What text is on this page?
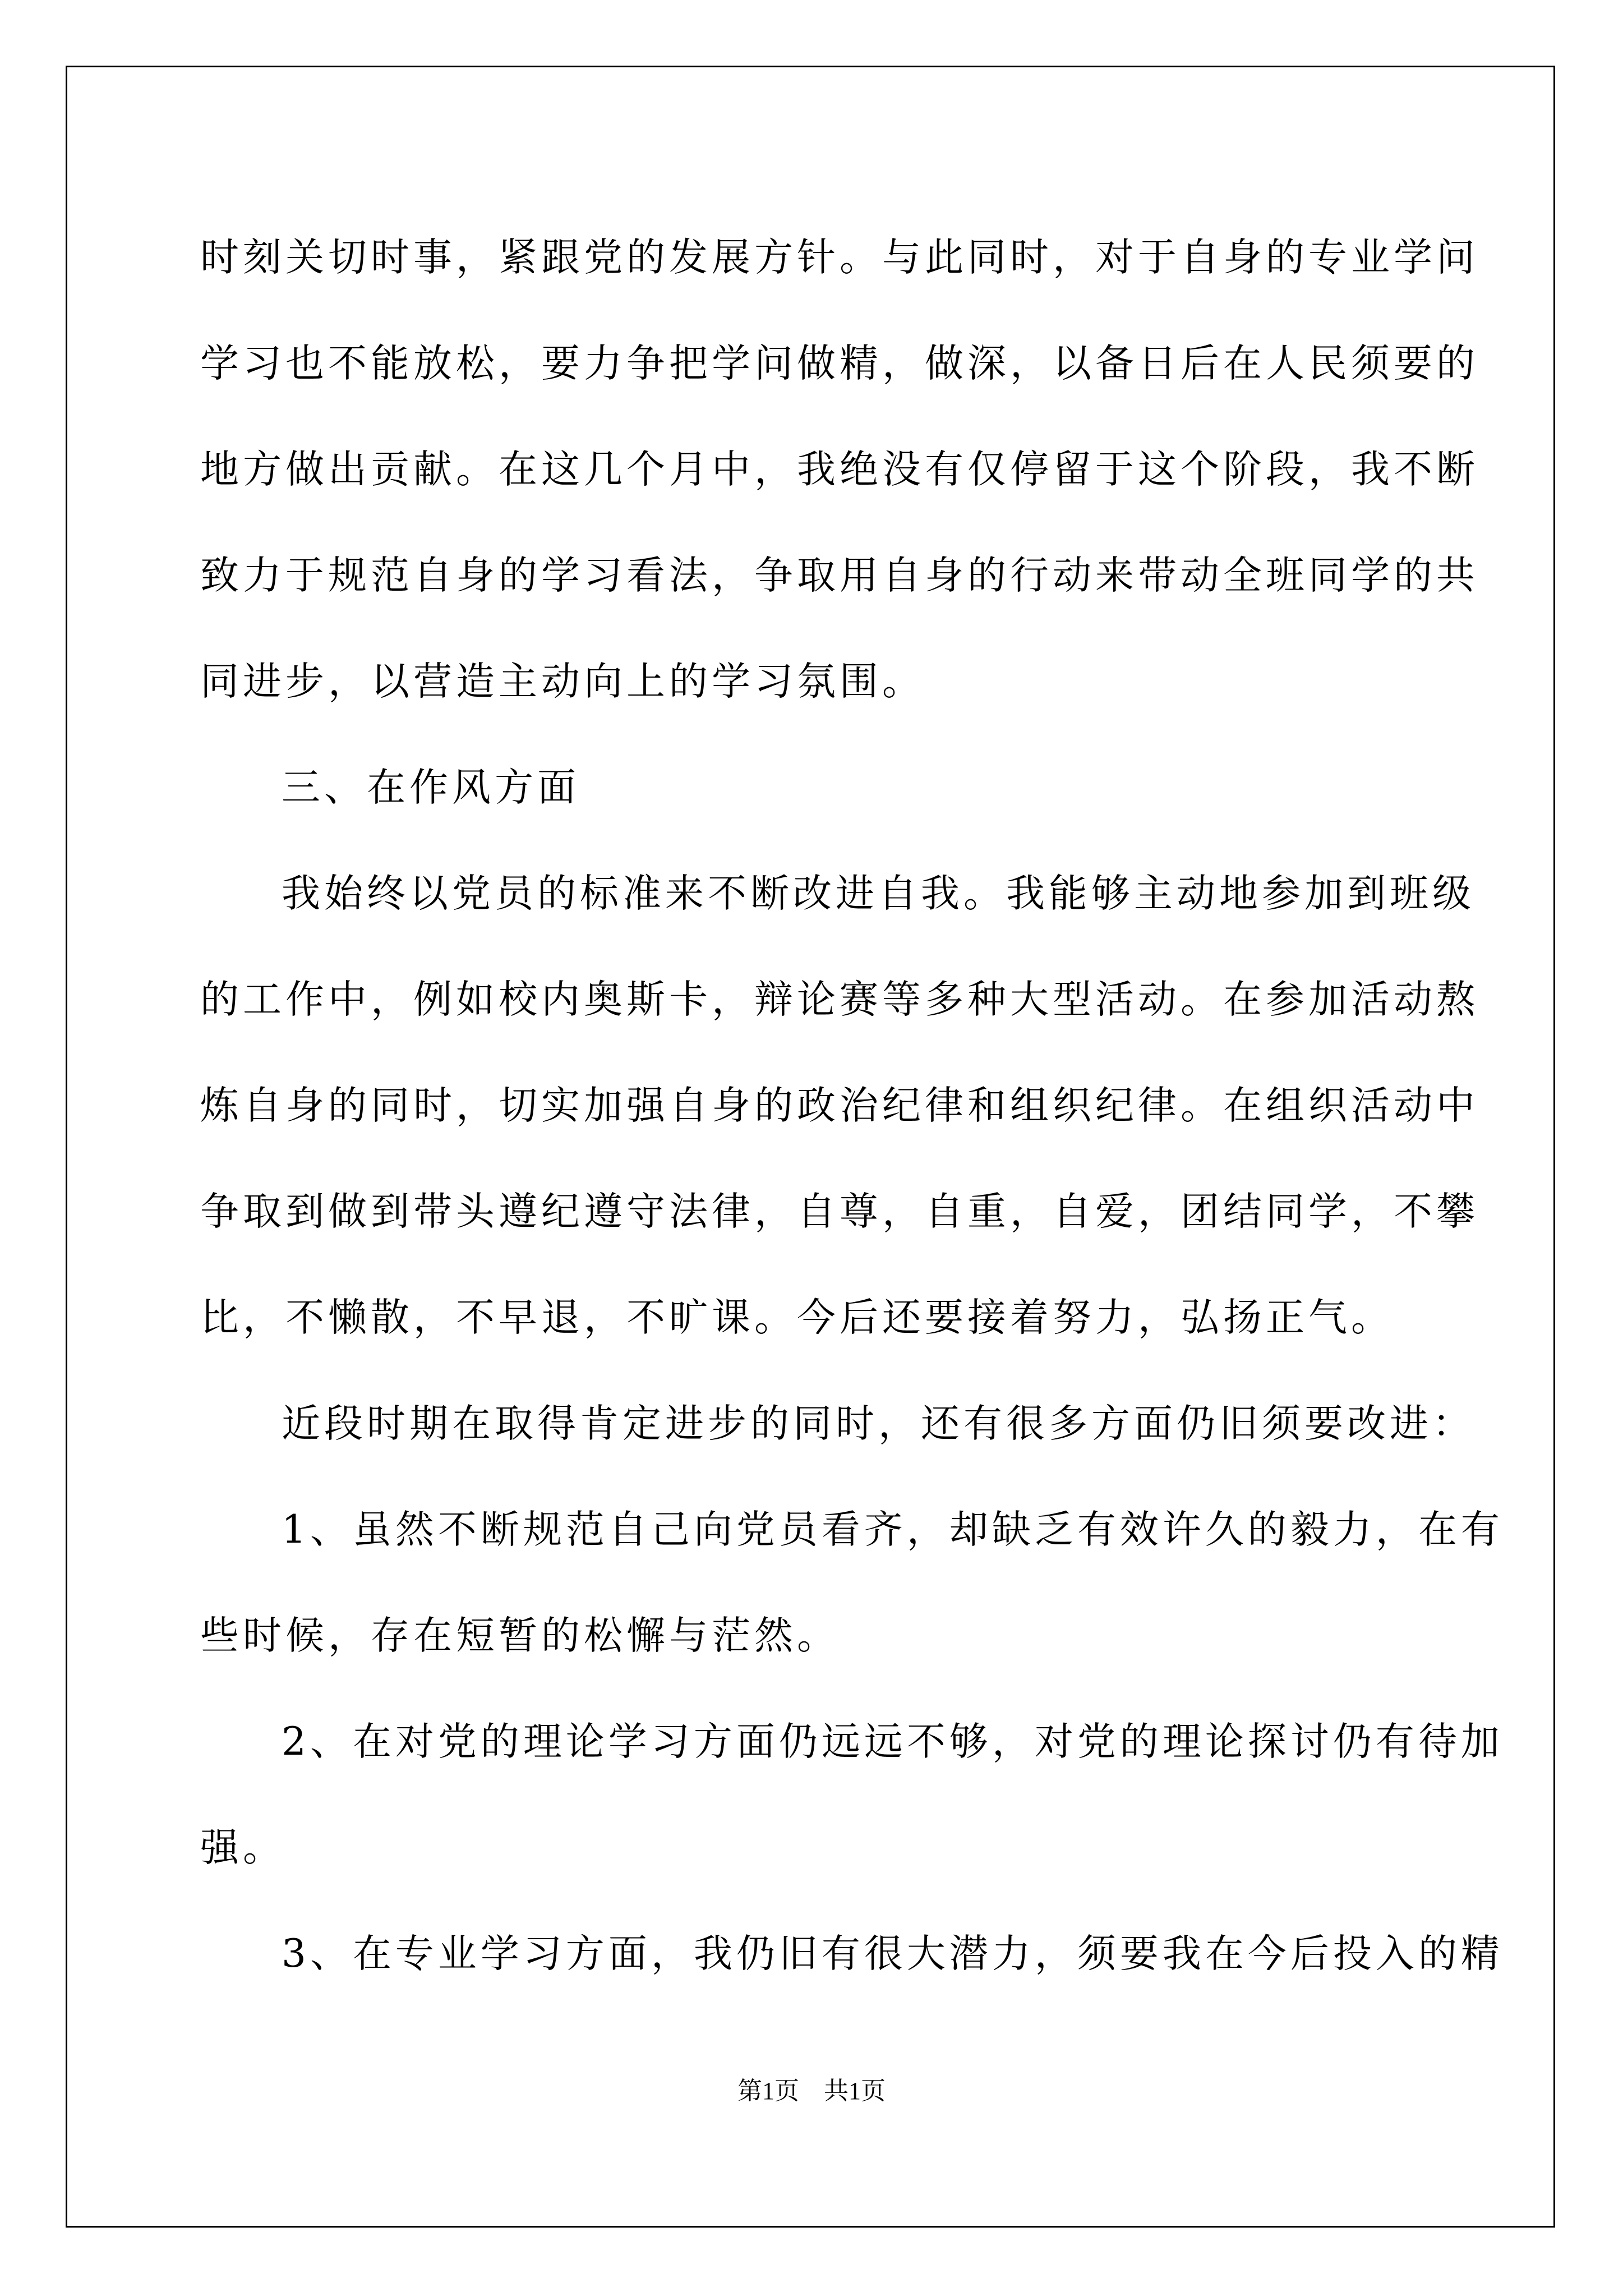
时刻关切时事，紧跟党的发展方针。与此同时，对于自身的专业学问
学习也不能放松，要力争把学问做精，做深，以备日后在人民须要的
地方做出贡献。在这几个月中，我绝没有仅停留于这个阶段，我不断
致力于规范自身的学习看法，争取用自身的行动来带动全班同学的共
同进步，以营造主动向上的学习氛围。
三、在作风方面
我始终以党员的标准来不断改进自我。我能够主动地参加到班级
的工作中，例如校内奥斯卡，辩论赛等多种大型活动。在参加活动熬
炼自身的同时，切实加强自身的政治纪律和组织纪律。在组织活动中
争取到做到带头遵纪遵守法律，自尊，自重，自爱，团结同学，不攀
比，不懒散，不早退，不旷课。今后还要接着努力，弘扬正气。
近段时期在取得肯定进步的同时，还有很多方面仍旧须要改进：
1、虽然不断规范自己向党员看齐，却缺乏有效许久的毅力，在有
些时候，存在短暂的松懈与茫然。
2、在对党的理论学习方面仍远远不够，对党的理论探讨仍有待加
强。
3、在专业学习方面，我仍旧有很大潜力，须要我在今后投入的精
第1页 共1页
